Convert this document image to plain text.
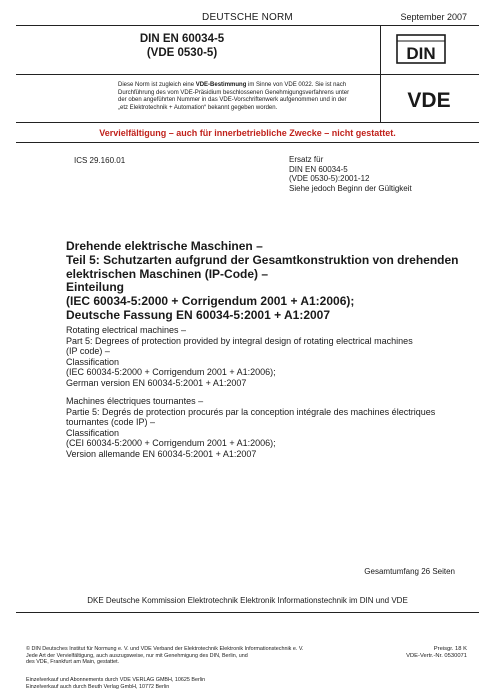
DEUTSCHE NORM	September 2007
DIN EN 60034-5
(VDE 0530-5)	DIN
Diese Norm ist zugleich eine VDE-Bestimmung im Sinne von VDE 0022. Sie ist nach
Durchführung des vom VDE-Präsidium beschlossenen Genehmigungsverfahrens unter
der oben angeführten Nummer in das VDE-Vorschriftenwerk aufgenommen und in der
„etz Elektrotechnik + Automation“ bekannt gegeben worden.	VDE
Vervielfältigung – auch für innerbetriebliche Zwecke – nicht gestattet.
ICS 29.160.01	Ersatz für
DIN EN 60034-5
(VDE 0530-5):2001-12
Siehe jedoch Beginn der Gültigkeit
Drehende elektrische Maschinen –
Teil 5: Schutzarten aufgrund der Gesamtkonstruktion von drehenden
elektrischen Maschinen (IP-Code) –
Einteilung
(IEC 60034-5:2000 + Corrigendum 2001 + A1:2006);
Deutsche Fassung EN 60034-5:2001 + A1:2007
Rotating electrical machines –
Part 5: Degrees of protection provided by integral design of rotating electrical machines
(IP code) –
Classification
(IEC 60034-5:2000 + Corrigendum 2001 + A1:2006);
German version EN 60034-5:2001 + A1:2007
Machines électriques tournantes –
Partie 5: Degrés de protection procurés par la conception intégrale des machines électriques
tournantes (code IP) –
Classification
(CEI 60034-5:2000 + Corrigendum 2001 + A1:2006);
Version allemande EN 60034-5:2001 + A1:2007
Gesamtumfang 26 Seiten
DKE Deutsche Kommission Elektrotechnik Elektronik Informationstechnik im DIN und VDE
© DIN Deutsches Institut für Normung e. V. und VDE Verband der Elektrotechnik Elektronik Informationstechnik e. V.
Jede Art der Vervielfältigung, auch auszugsweise, nur mit Genehmigung des DIN, Berlin, und
des VDE, Frankfurt am Main, gestattet.
Preisgr. 18 K
VDE-Vertr.-Nr. 0530071
Einzelverkauf und Abonnements durch VDE VERLAG GMBH, 10625 Berlin
Einzelverkauf auch durch Beuth Verlag GmbH, 10772 Berlin
